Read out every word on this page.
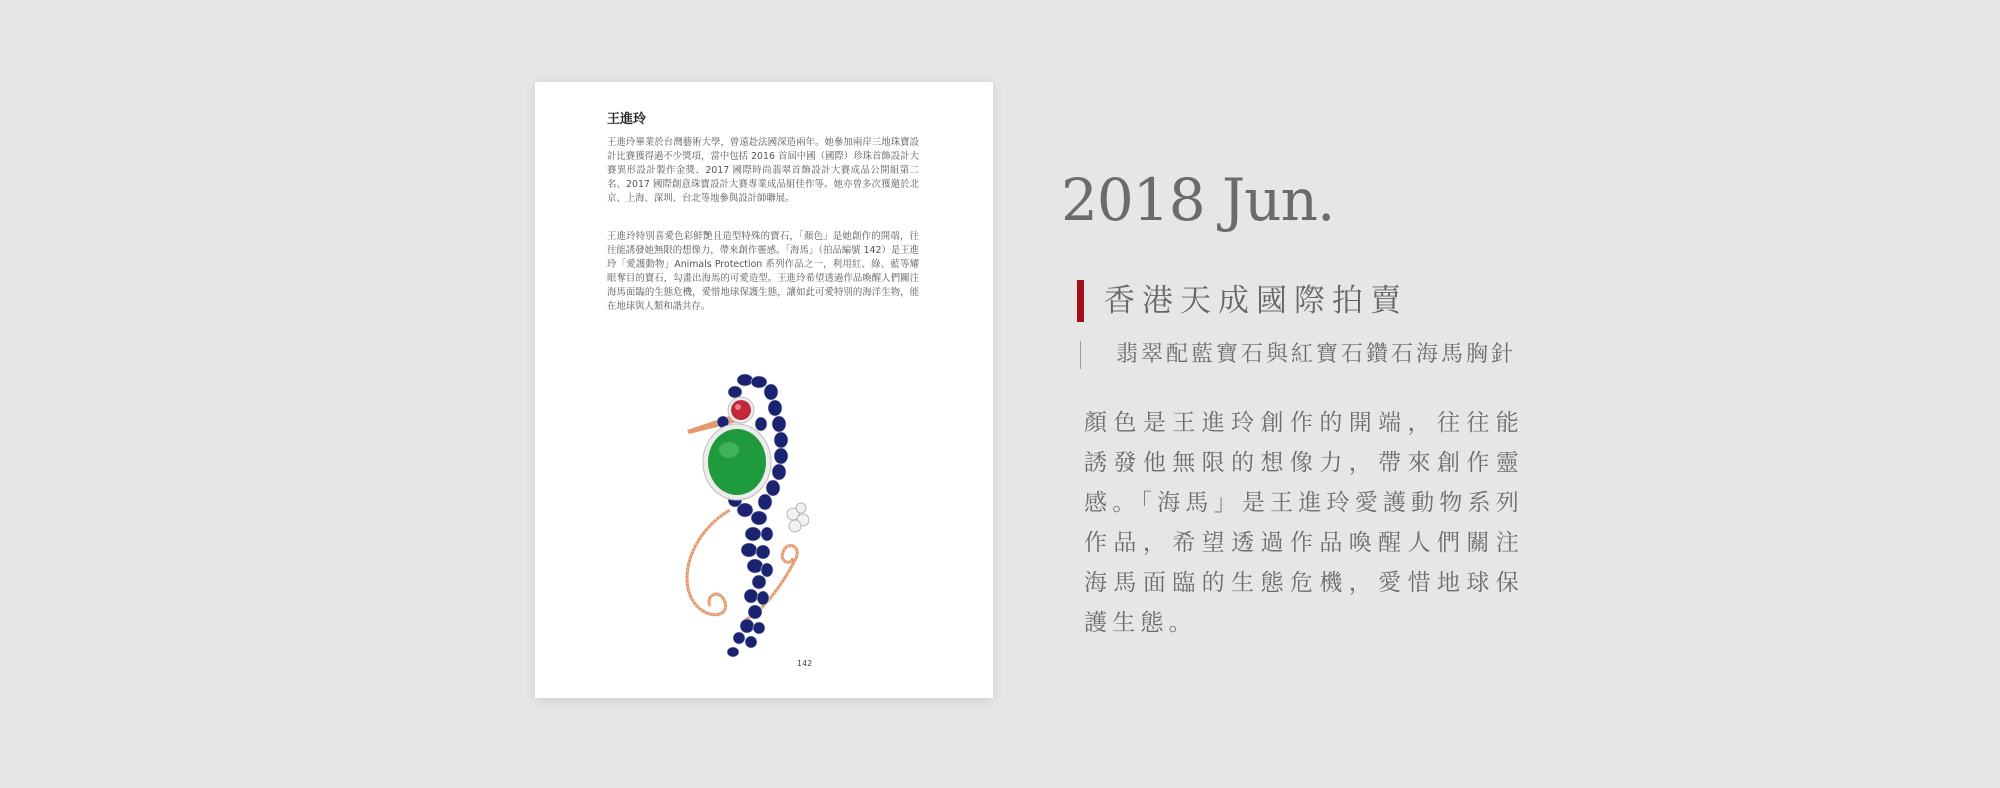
王進玲

王進玲畢業於台灣藝術大學，曾遠赴法國深造兩年。她參加兩岸三地珠寶設計比賽獲得過不少獎項，當中包括 2016 首屆中國（國際）珍珠首飾設計大賽異形設計製作金獎、2017 國際時尚翡翠首飾設計大賽成品公開組第二名、2017 國際創意珠寶設計大賽專業成品組佳作等。她亦曾多次獲邀於北京、上海、深圳、台北等地參與設計師聯展。

王進玲特別喜愛色彩鮮艷且造型特殊的寶石，「顏色」是她創作的開端，往往能誘發她無限的想像力，帶來創作靈感。「海馬」（拍品編號 142）是王進玲「愛護動物」Animals Protection 系列作品之一，利用紅、綠、藍等耀眼奪目的寶石，勾畫出海馬的可愛造型。王進玲希望透過作品喚醒人們關注海馬面臨的生態危機，愛惜地球保護生態，讓如此可愛特別的海洋生物，能在地球與人類和諧共存。

142
2018 Jun.
香港天成國際拍賣
翡翠配藍寶石與紅寶石鑽石海馬胸針

顏色是王進玲創作的開端，往往能誘發他無限的想像力，帶來創作靈感。「海馬」是王進玲愛護動物系列作品，希望透過作品喚醒人們關注海馬面臨的生態危機，愛惜地球保護生態。
